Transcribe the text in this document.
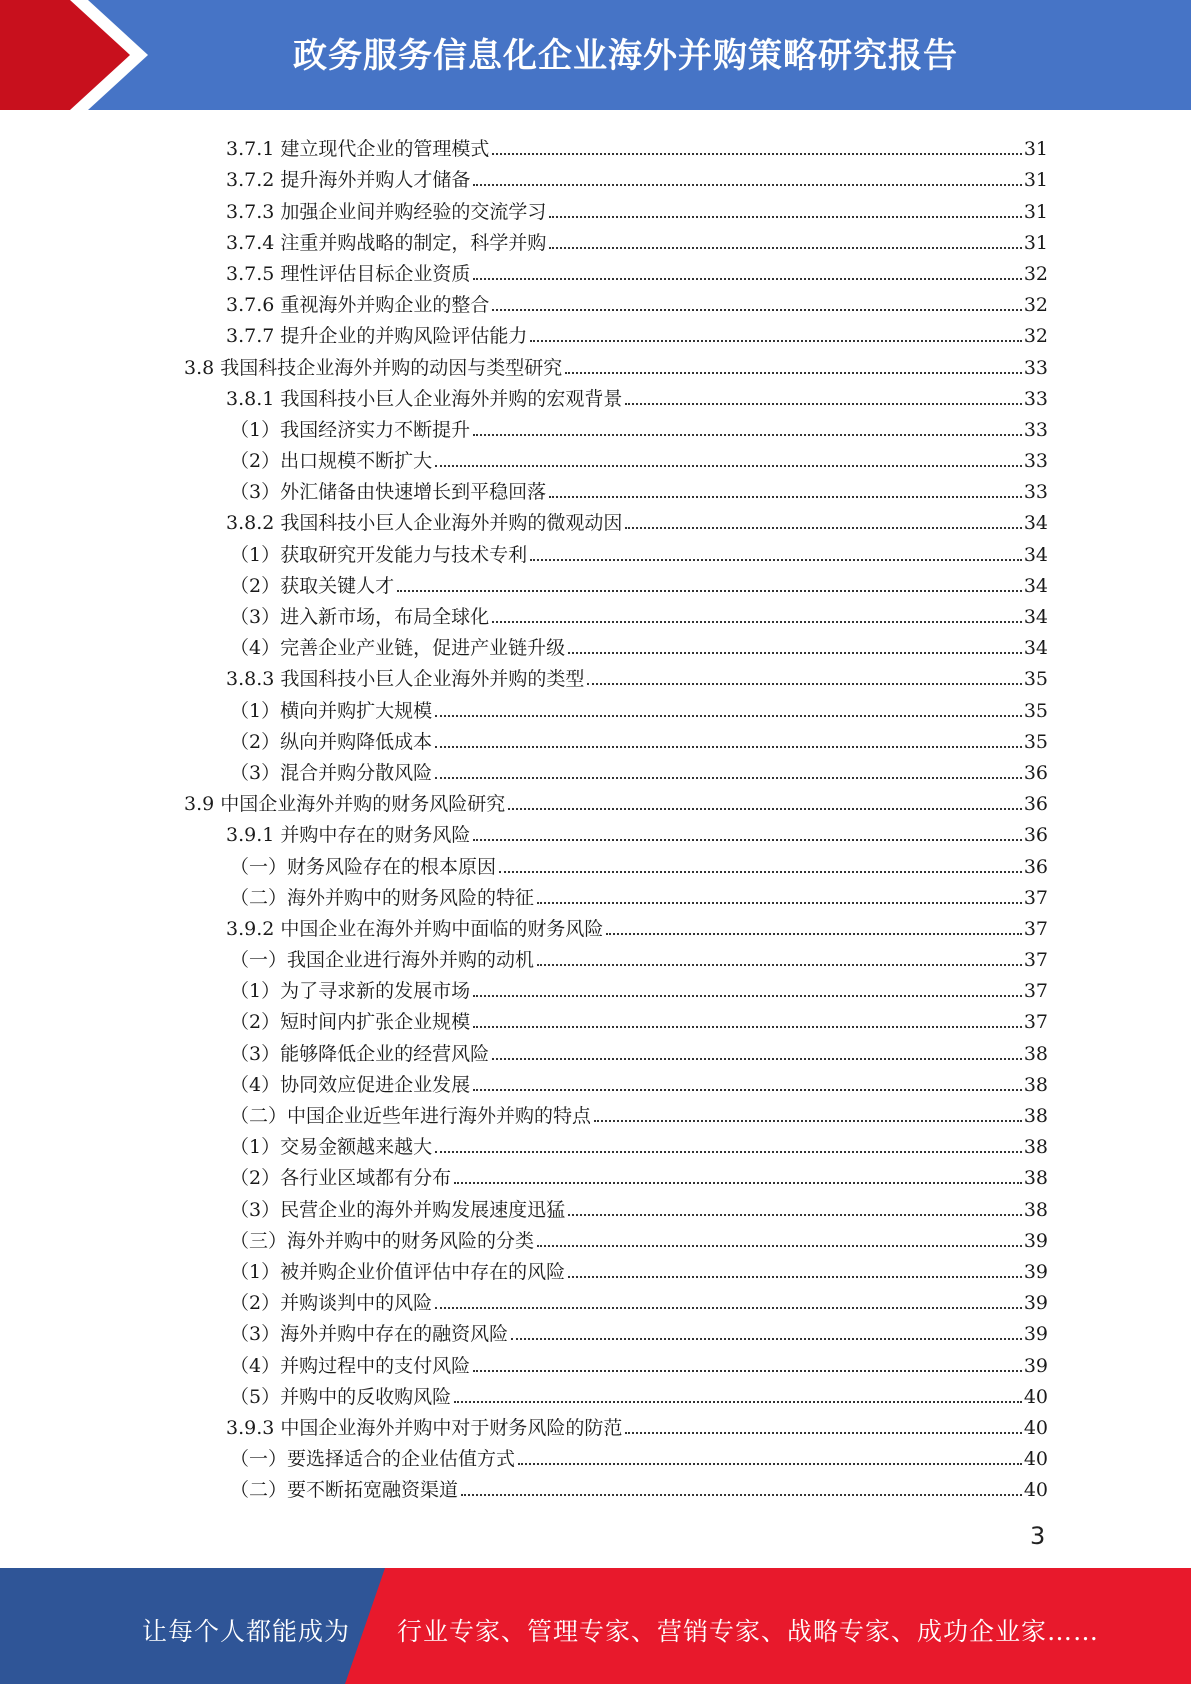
政务服务信息化企业海外并购策略研究报告
3.7.1 建立现代企业的管理模式	31
3.7.2 提升海外并购人才储备	31
3.7.3 加强企业间并购经验的交流学习	31
3.7.4 注重并购战略的制定，科学并购	31
3.7.5 理性评估目标企业资质	32
3.7.6 重视海外并购企业的整合	32
3.7.7 提升企业的并购风险评估能力	32
3.8 我国科技企业海外并购的动因与类型研究	33
3.8.1 我国科技小巨人企业海外并购的宏观背景	33
（1）我国经济实力不断提升	33
（2）出口规模不断扩大	33
（3）外汇储备由快速增长到平稳回落	33
3.8.2 我国科技小巨人企业海外并购的微观动因	34
（1）获取研究开发能力与技术专利	34
（2）获取关键人才	34
（3）进入新市场，布局全球化	34
（4）完善企业产业链，促进产业链升级	34
3.8.3 我国科技小巨人企业海外并购的类型	35
（1）横向并购扩大规模	35
（2）纵向并购降低成本	35
（3）混合并购分散风险	36
3.9 中国企业海外并购的财务风险研究	36
3.9.1 并购中存在的财务风险	36
（一）财务风险存在的根本原因	36
（二）海外并购中的财务风险的特征	37
3.9.2 中国企业在海外并购中面临的财务风险	37
（一）我国企业进行海外并购的动机	37
（1）为了寻求新的发展市场	37
（2）短时间内扩张企业规模	37
（3）能够降低企业的经营风险	38
（4）协同效应促进企业发展	38
（二）中国企业近些年进行海外并购的特点	38
（1）交易金额越来越大	38
（2）各行业区域都有分布	38
（3）民营企业的海外并购发展速度迅猛	38
（三）海外并购中的财务风险的分类	39
（1）被并购企业价值评估中存在的风险	39
（2）并购谈判中的风险	39
（3）海外并购中存在的融资风险	39
（4）并购过程中的支付风险	39
（5）并购中的反收购风险	40
3.9.3 中国企业海外并购中对于财务风险的防范	40
（一）要选择适合的企业估值方式	40
（二）要不断拓宽融资渠道	40
3
让每个人都能成为 行业专家、管理专家、营销专家、战略专家、成功企业家……
